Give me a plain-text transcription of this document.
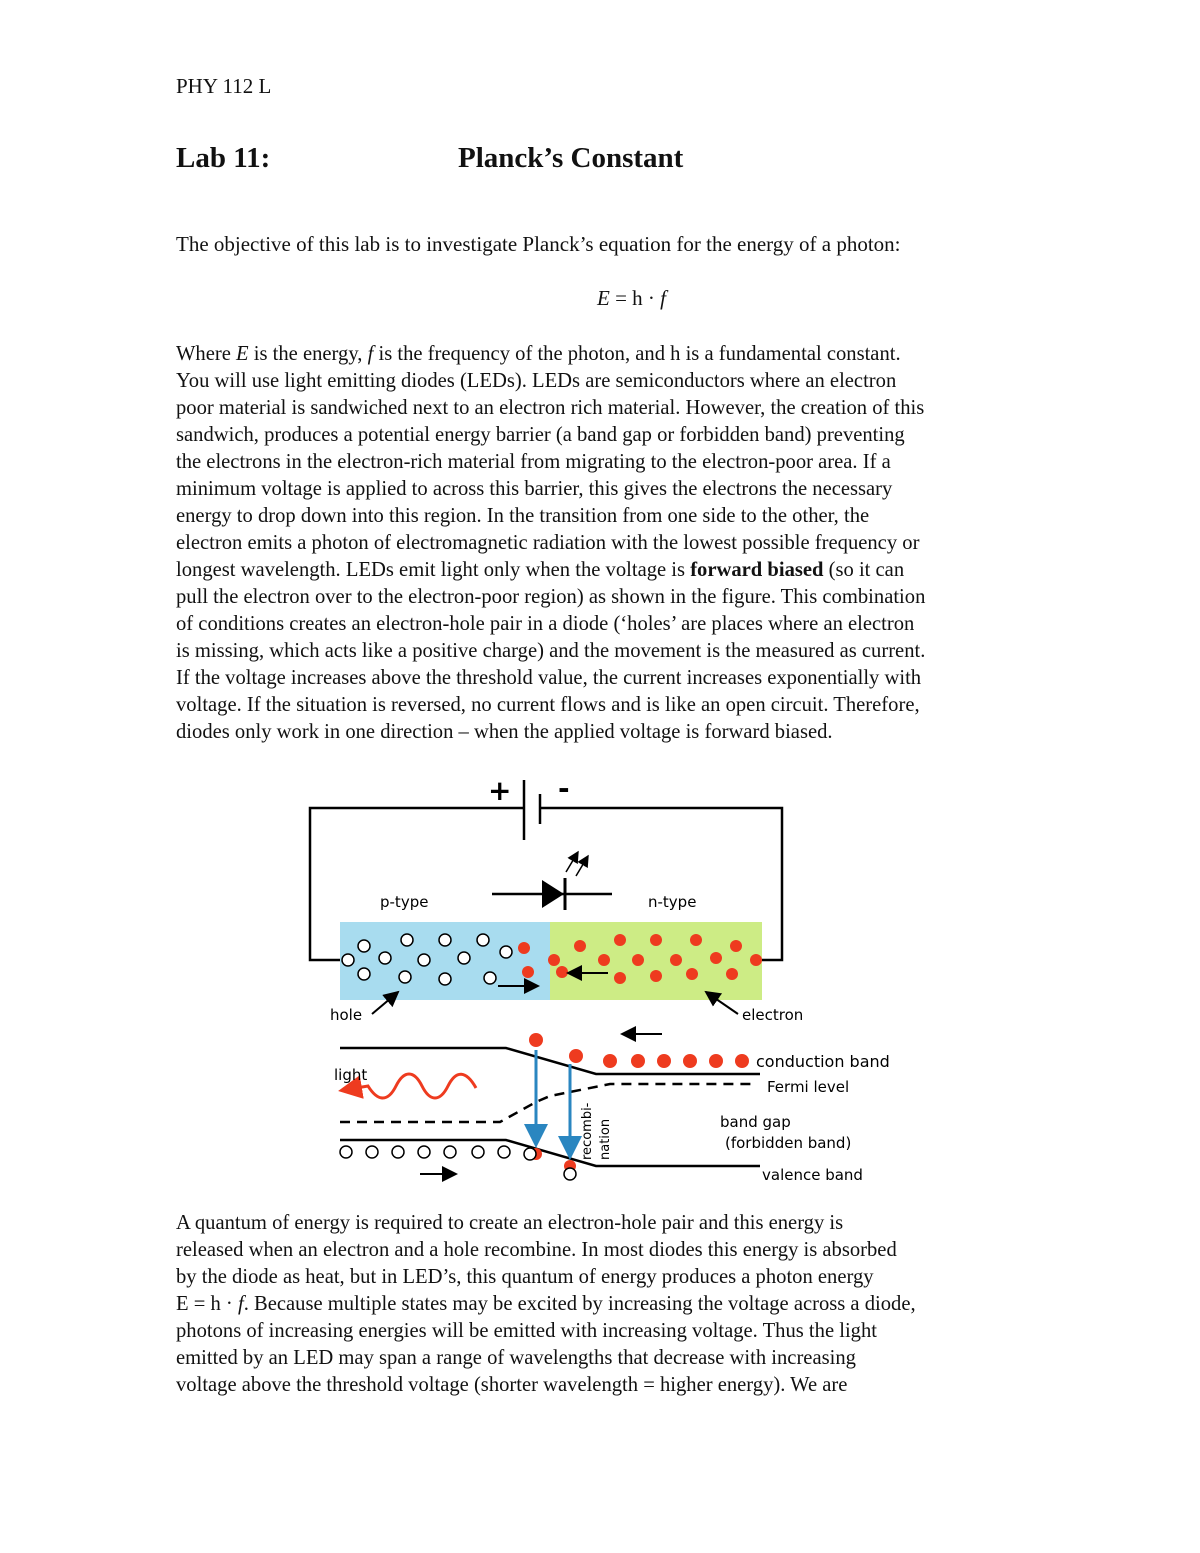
PHY 112 L
Lab 11:	Planck’s Constant
The objective of this lab is to investigate Planck’s equation for the energy of a photon:
E = h · f
Where E is the energy, f is the frequency of the photon, and h is a fundamental constant.
You will use light emitting diodes (LEDs). LEDs are semiconductors where an electron
poor material is sandwiched next to an electron rich material. However, the creation of this
sandwich, produces a potential energy barrier (a band gap or forbidden band) preventing
the electrons in the electron-rich material from migrating to the electron-poor area. If a
minimum voltage is applied to across this barrier, this gives the electrons the necessary
energy to drop down into this region. In the transition from one side to the other, the
electron emits a photon of electromagnetic radiation with the lowest possible frequency or
longest wavelength. LEDs emit light only when the voltage is forward biased (so it can
pull the electron over to the electron-poor region) as shown in the figure. This combination
of conditions creates an electron-hole pair in a diode (‘holes’ are places where an electron
is missing, which acts like a positive charge) and the movement is the measured as current.
If the voltage increases above the threshold value, the current increases exponentially with
voltage. If the situation is reversed, no current flows and is like an open circuit. Therefore,
diodes only work in one direction – when the applied voltage is forward biased.
+ -
p-type	n-type
hole	electron
light
conduction band
Fermi level
band gap
(forbidden band)
valence band
recombi- nation
A quantum of energy is required to create an electron-hole pair and this energy is
released when an electron and a hole recombine. In most diodes this energy is absorbed
by the diode as heat, but in LED’s, this quantum of energy produces a photon energy
E = h · f. Because multiple states may be excited by increasing the voltage across a diode,
photons of increasing energies will be emitted with increasing voltage. Thus the light
emitted by an LED may span a range of wavelengths that decrease with increasing
voltage above the threshold voltage (shorter wavelength = higher energy). We are
